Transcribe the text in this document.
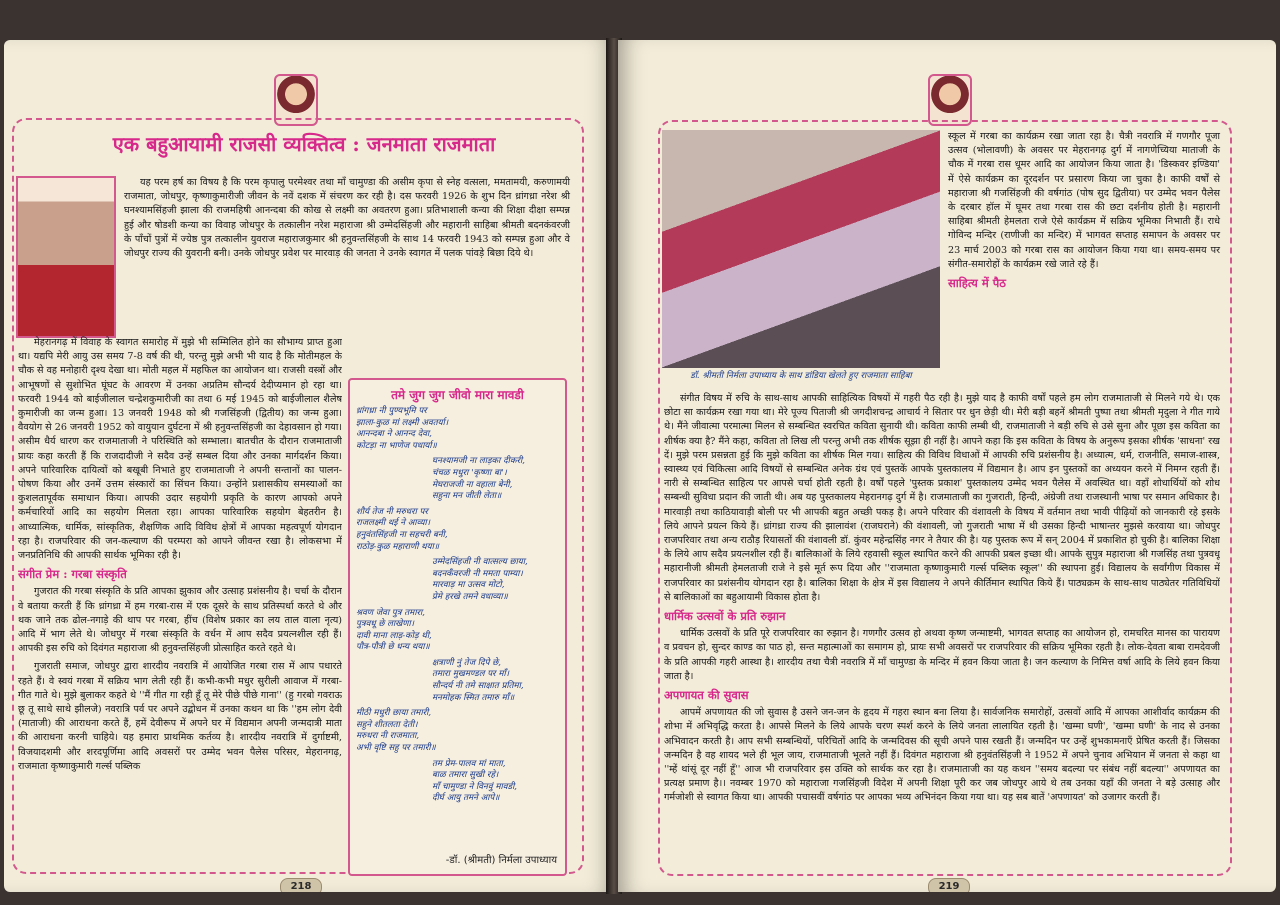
एक बहुआयामी राजसी व्यक्तित्व : जनमाता राजमाता

यह परम हर्ष का विषय है कि परम कृपालु परमेश्वर तथा माँ चामुण्डा की असीम कृपा से स्नेह वत्सला, ममतामयी, करुणामयी राजमाता, जोधपुर, कृष्णाकुमारीजी जीवन के नवें दशक में संचरण कर रही है। दस फरवरी 1926 के शुभ दिन ध्रांगध्रा नरेश श्री घनश्यामसिंहजी झाला की राजमहिषी आनन्दबा की कोख से लक्ष्मी का अवतरण हुआ। प्रतिभाशाली कन्या की शिक्षा दीक्षा सम्पन्न हुई और षोडशी कन्या का विवाह जोधपुर के तत्कालीन नरेश महाराजा श्री उम्मेदसिंहजी और महारानी साहिबा श्रीमती बदनकंवरजी के पाँचों पुत्रों में ज्येष्ठ पुत्र तत्कालीन युवराज महाराजकुमार श्री हनुवन्तसिंहजी के साथ 14 फरवरी 1943 को सम्पन्न हुआ और वे जोधपुर राज्य की युवरानी बनी। उनके जोधपुर प्रवेश पर मारवाड़ की जनता ने उनके स्वागत में पलक पांवड़े बिछा दिये थे।

मेहरानगढ़ में विवाह के स्वागत समारोह में मुझे भी सम्मिलित होने का सौभाग्य प्राप्त हुआ था। यद्यपि मेरी आयु उस समय 7-8 वर्ष की थी, परन्तु मुझे अभी भी याद है कि मोतीमहल के चौक से वह मनोहारी दृश्य देखा था। मोती महल में महफिल का आयोजन था। राजसी वस्त्रों और आभूषणों से सुशोभित घूंघट के आवरण में उनका अप्रतिम सौन्दर्य देदीप्यमान हो रहा था। फरवरी 1944 को बाईजीलाल चन्द्रेशकुमारीजी का तथा 6 मई 1945 को बाईजीलाल शैलेष कुमारीजी का जन्म हुआ। 13 जनवरी 1948 को श्री गजसिंहजी (द्वितीय) का जन्म हुआ। वैवयोग से 26 जनवरी 1952 को वायुयान दुर्घटना में श्री हनुवन्तसिंहजी का देहावसान हो गया। असीम धैर्य धारण कर राजमाताजी ने परिस्थिति को सम्भाला। बातचीत के दौरान राजमाताजी प्रायः कहा करती हैं कि राजदादीजी ने सदैव उन्हें सम्बल दिया और उनका मार्गदर्शन किया। अपने पारिवारिक दायित्वों को बखूबी निभाते हुए राजमाताजी ने अपनी सन्तानों का पालन-पोषण किया और उनमें उत्तम संस्कारों का सिंचन किया। उन्होंने प्रशासकीय समस्याओं का कुशलतापूर्वक समाधान किया। आपकी उदार सहयोगी प्रकृति के कारण आपको अपने कर्मचारियों आदि का सहयोग मिलता रहा। आपका पारिवारिक सहयोग बेहतरीन है। आध्यात्मिक, धार्मिक, सांस्कृतिक, शैक्षणिक आदि विविध क्षेत्रों में आपका महत्वपूर्ण योगदान रहा है। राजपरिवार की जन-कल्याण की परम्परा को आपने जीवन्त रखा है। लोकसभा में जनप्रतिनिधि की आपकी सार्थक भूमिका रही है।

संगीत प्रेम : गरबा संस्कृति

गुजरात की गरबा संस्कृति के प्रति आपका झुकाव और उत्साह प्रशंसनीय है। चर्चा के दौरान वे बताया करती हैं कि ध्रांगध्रा में हम गरबा-रास में एक दूसरे के साथ प्रतिस्पर्धा करते थे और थक जाने तक ढोल-नगाड़े की थाप पर गरबा, हींच (विशेष प्रकार का लय ताल वाला नृत्य) आदि में भाग लेते थे। जोधपुर में गरबा संस्कृति के वर्धन में आप सदैव प्रयत्नशील रही हैं। आपकी इस रुचि को दिवंगत महाराजा श्री हनुवन्तसिंहजी प्रोत्साहित करते रहते थे।

गुजराती समाज, जोधपुर द्वारा शारदीय नवरात्रि में आयोजित गरबा रास में आप पधारते रहते हैं। वे स्वयं गरबा में सक्रिय भाग लेती रही हैं। कभी-कभी मधुर सुरीली आवाज में गरबा-गीत गाते थे। मुझे बुलाकर कहते थे ''मैं गीत गा रही हूँ तू मेरे पीछे पीछे गाना'' (हु गरबो गवराऊ छू तू साथे साथे झीलजे) नवरात्रि पर्व पर अपने उद्बोधन में उनका कथन था कि ''हम लोग देवी (माताजी) की आराधना करते हैं, हमें देवीरूप में अपने घर में विद्यमान अपनी जन्मदात्री माता की आराधना करनी चाहिये। यह हमारा प्राथमिक कर्तव्य है। शारदीय नवरात्रि में दुर्गाष्टमी, विजयादशमी और शरदपूर्णिमा आदि अवसरों पर उम्मेद भवन पैलेस परिसर, मेहरानगढ़, राजमाता कृष्णाकुमारी गर्ल्स पब्लिक

तमे जुग जुग जीवो मारा मावडी
ध्रांगध्रा नी पुण्यभूमि पर
झाला-कुळ मां लक्ष्मी अवतर्या।
आनन्दबा ने आनन्द देवा,
कोटड़ा ना भाणेज पधार्या॥
घनश्यामजी ना लाड़का दीकरी,
चंचळ मधुरा 'कृष्णा बा'।
मेघराजजी ना वहाला बेनी,
सहुना मन जीती लेता॥
शौर्य तेज नी मरुधरा पर
राजलक्ष्मी थई ने आव्या।
हनुवंतसिंहजी ना सहचरी बनी,
राठोड़-कुळ महाराणी थया॥
उम्मेदसिंहजी नी वात्सल्य छाया,
बदनकँवरजी नी ममता पाम्या।
मारवाड़ मा उत्सव मोटो,
प्रेमे हरखे तमने वधाव्या॥
श्रवण जेवा पुत्र तमारा,
पुत्रवधू छे लाखेणा।
दावी माना लाड़-कोड़ थी,
पौत्र-पौत्री छे धन्य थया॥
क्षत्राणी नुं तेज दिपे छे,
तमारा मुखमण्डल पर माँ।
सौन्दर्य नी तमे साक्षात प्रतिमा,
मनमोहक स्मित तमारु माँ॥
मीठी मधुरी छाया तमारी,
सहुने शीतलता देती।
मरुधरा नी राजमाता,
अभी वृष्टि सहु पर तमारी॥
तम प्रेम-पालव मां माता,
बाळ तमारा सुखी रहे।
माँ चामुण्डा ने विनवुं मावडी,
दीर्घ आयु तमने आपे॥
-डॉ. (श्रीमती) निर्मला उपाध्याय
218
डॉ. श्रीमती निर्मला उपाध्याय के साथ डांडिया खेलते हुए राजमाता साहिबा

स्कूल में गरबा का कार्यक्रम रखा जाता रहा है। चैत्री नवरात्रि में गणगौर पूजा उत्सव (भोलावणी) के अवसर पर मेहरानगढ़ दुर्ग में नागणेच्यिया माताजी के चौक में गरबा रास धूमर आदि का आयोजन किया जाता है। 'डिस्कवर इण्डिया' में ऐसे कार्यक्रम का दूरदर्शन पर प्रसारण किया जा चुका है। काफी वर्षों से महाराजा श्री गजसिंहजी की वर्षगांठ (पोष सुद द्वितीया) पर उम्मेद भवन पैलेस के दरबार हॉल में घूमर तथा गरबा रास की छटा दर्शनीय होती है। महारानी साहिबा श्रीमती हेमलता राजे ऐसे कार्यक्रम में सक्रिय भूमिका निभाती हैं। राधे गोविन्द मन्दिर (राणीजी का मन्दिर) में भागवत सप्ताह समापन के अवसर पर 23 मार्च 2003 को गरबा रास का आयोजन किया गया था। समय-समय पर संगीत-समारोहों के कार्यक्रम रखे जाते रहे हैं।

साहित्य में पैठ

संगीत विषय में रुचि के साथ-साथ आपकी साहित्यिक विषयों में गहरी पैठ रही है। मुझे याद है काफी वर्षों पहले हम लोग राजमाताजी से मिलने गये थे। एक छोटा सा कार्यक्रम रखा गया था। मेरे पूज्य पिताजी श्री जगदीशचन्द्र आचार्य ने सितार पर धुन छेड़ी थी। मेरी बड़ी बहनें श्रीमती पुष्पा तथा श्रीमती मृदुला ने गीत गाये थे। मैंने जीवात्मा परमात्मा मिलन से सम्बन्धित स्वरचित कविता सुनायी थी। कविता काफी लम्बी थी, राजमाताजी ने बड़ी रुचि से उसे सुना और पूछा इस कविता का शीर्षक क्या है? मैंने कहा, कविता तो लिख ली परन्तु अभी तक शीर्षक सूझा ही नहीं है। आपने कहा कि इस कविता के विषय के अनुरूप इसका शीर्षक 'साधना' रख दें। मुझे परम प्रसन्नता हुई कि मुझे कविता का शीर्षक मिल गया। साहित्य की विविध विधाओं में आपकी रुचि प्रशंसनीय है। अध्यात्म, धर्म, राजनीति, समाज-शास्त्र, स्वास्थ्य एवं चिकित्सा आदि विषयों से सम्बन्धित अनेक ग्रंथ एवं पुस्तकें आपके पुस्तकालय में विद्यमान है। आप इन पुस्तकों का अध्ययन करने में निमग्न रहती हैं। नारी से सम्बन्धित साहित्य पर आपसे चर्चा होती रहती है। वर्षों पहले 'पुस्तक प्रकाश' पुस्तकालय उम्मेद भवन पैलेस में अवस्थित था। वहाँ शोधार्थियों को शोध सम्बन्धी सुविधा प्रदान की जाती थी। अब यह पुस्तकालय मेहरानगढ़ दुर्ग में है। राजमाताजी का गुजराती, हिन्दी, अंग्रेजी तथा राजस्थानी भाषा पर समान अधिकार है। मारवाड़ी तथा काठियावाड़ी बोली पर भी आपकी बहुत अच्छी पकड़ है। अपने परिवार की वंशावली के विषय में वर्तमान तथा भावी पीढ़ियों को जानकारी रहे इसके लिये आपने प्रयत्न किये हैं। ध्रांगध्रा राज्य की झालावंश (राजघराने) की वंशावली, जो गुजराती भाषा में थी उसका हिन्दी भाषान्तर मुझसे करवाया था। जोधपुर राजपरिवार तथा अन्य राठौड़ रियासतों की वंशावली डॉ. कुंवर महेन्द्रसिंह नगर ने तैयार की है। यह पुस्तक रूप में सन् 2004 में प्रकाशित हो चुकी है। बालिका शिक्षा के लिये आप सदैव प्रयत्नशील रही हैं। बालिकाओं के लिये रहवासी स्कूल स्थापित करने की आपकी प्रबल इच्छा थी। आपके सुपुत्र महाराजा श्री गजसिंह तथा पुत्रवधू महारानीजी श्रीमती हेमलताजी राजे ने इसे मूर्त रूप दिया और ''राजमाता कृष्णाकुमारी गर्ल्स पब्लिक स्कूल'' की स्थापना हुई। विद्यालय के सर्वांगीण विकास में राजपरिवार का प्रशंसनीय योगदान रहा है। बालिका शिक्षा के क्षेत्र में इस विद्यालय ने अपने कीर्तिमान स्थापित किये हैं। पाठ्यक्रम के साथ-साथ पाठ्येतर गतिविधियों से बालिकाओं का बहुआयामी विकास होता है।

धार्मिक उत्सवों के प्रति रुझान

धार्मिक उत्सवों के प्रति पूरे राजपरिवार का रुझान है। गणगौर उत्सव हो अथवा कृष्ण जन्माष्टमी, भागवत सप्ताह का आयोजन हो, रामचरित मानस का पारायण व प्रवचन हो, सुन्दर काण्ड का पाठ हो, सन्त महात्माओं का समागम हो, प्रायः सभी अवसरों पर राजपरिवार की सक्रिय भूमिका रहती है। लोक-देवता बाबा रामदेवजी के प्रति आपकी गहरी आस्था है। शारदीय तथा चैत्री नवरात्रि में माँ चामुण्डा के मन्दिर में हवन किया जाता है। जन कल्याण के निमित्त वर्षा आदि के लिये हवन किया जाता है।

अपणायत की सुवास

आपमें अपणायत की जो सुवास है उसने जन-जन के हृदय में गहरा स्थान बना लिया है। सार्वजनिक समारोहों, उत्सवों आदि में आपका आशीर्वाद कार्यक्रम की शोभा में अभिवृद्धि करता है। आपसे मिलने के लिये आपके चरण स्पर्श करने के लिये जनता लालायित रहती है। 'खम्मा घणी', 'खम्मा घणी' के नाद से उनका अभिवादन करती है। आप सभी सम्बन्धियों, परिचितों आदि के जन्मदिवस की सूची अपने पास रखती हैं। जन्मदिन पर उन्हें शुभकामनाएँ प्रेषित करती हैं। जिसका जन्मदिन है वह शायद भले ही भूल जाय, राजमाताजी भूलते नहीं हैं। दिवंगत महाराजा श्री हनुवंतसिंहजी ने 1952 में अपने चुनाव अभियान में जनता से कहा था ''म्हें थांसूं दूर नहीं हूँ'' आज भी राजपरिवार इस उक्ति को सार्थक कर रहा है। राजमाताजी का यह कथन ''समय बदल्या पर संबंध नहीं बदल्या'' अपणायत का प्रत्यक्ष प्रमाण है।। नवम्बर 1970 को महाराजा गजसिंहजी विदेश में अपनी शिक्षा पूरी कर जब जोधपुर आये थे तब उनका यहाँ की जनता ने बड़े उत्साह और गर्मजोशी से स्वागत किया था। आपकी पचासवीं वर्षगांठ पर आपका भव्य अभिनंदन किया गया था। यह सब बातें 'अपणायत' को उजागर करती हैं।

219
